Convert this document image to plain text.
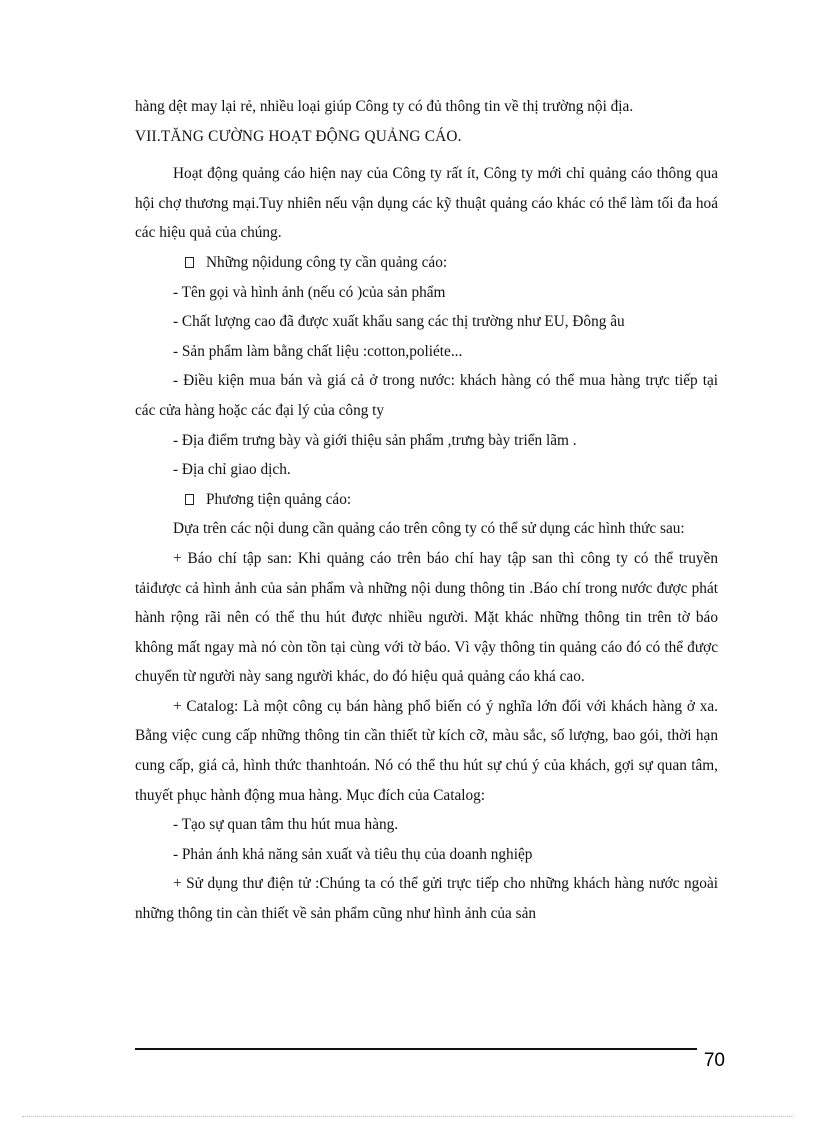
hàng dệt may lại rẻ, nhiều loại giúp Công ty có đủ thông tin về thị trường nội địa.

VII.TĂNG CƯỜNG HOẠT ĐỘNG QUẢNG CÁO.

Hoạt động quảng cáo hiện nay của Công ty rất ít, Công ty mới chỉ quảng cáo thông qua hội chợ thương mại.Tuy nhiên nếu vận dụng các kỹ thuật quảng cáo khác có thể làm tối đa hoá các hiệu quả của chúng.

Những nộidung công ty cần quảng cáo:

- Tên gọi và hình ảnh (nếu có )của sản phẩm

- Chất lượng cao đã được xuất khẩu sang các thị trường như EU, Đông âu

- Sản phẩm làm bằng chất liệu :cotton,poliéte...

- Điều kiện mua bán và giá cả ở trong nước: khách hàng có thể mua hàng trực tiếp tại các cửa hàng hoặc các đại lý của công ty

- Địa điểm trưng bày và giới thiệu sản phẩm ,trưng bày triển lãm .

- Địa chỉ giao dịch.

Phương tiện quảng cáo:

Dựa trên các nội dung cần quảng cáo trên công ty có thể sử dụng các hình thức sau:

+ Báo chí tập san: Khi quảng cáo trên báo chí hay tập san thì công ty có thể truyền tảiđược cả hình ảnh của sản phẩm và những nội dung thông tin .Báo chí trong nước được phát hành rộng rãi nên có thể thu hút được nhiều người. Mặt khác những thông tin trên tờ báo không mất ngay mà nó còn tồn tại cùng với tờ báo. Vì vậy thông tin quảng cáo đó có thể được chuyển từ người này sang người khác, do đó hiệu quả quảng cáo khá cao.

+ Catalog: Là một công cụ bán hàng phổ biến có ý nghĩa lớn đối với khách hàng ở xa. Bằng việc cung cấp những thông tin cần thiết từ kích cỡ, màu sắc, số lượng, bao gói, thời hạn cung cấp, giá cả, hình thức thanhtoán. Nó có thể thu hút sự chú ý của khách, gợi sự quan tâm, thuyết phục hành động mua hàng. Mục đích của Catalog:

- Tạo sự quan tâm thu hút mua hàng.

- Phản ánh khả năng sản xuất và tiêu thụ của doanh nghiệp

+ Sử dụng thư điện tử :Chúng ta có thể gửi trực tiếp cho những khách hàng nước ngoài những thông tin càn thiết về sản phẩm cũng như hình ảnh của sản

70
